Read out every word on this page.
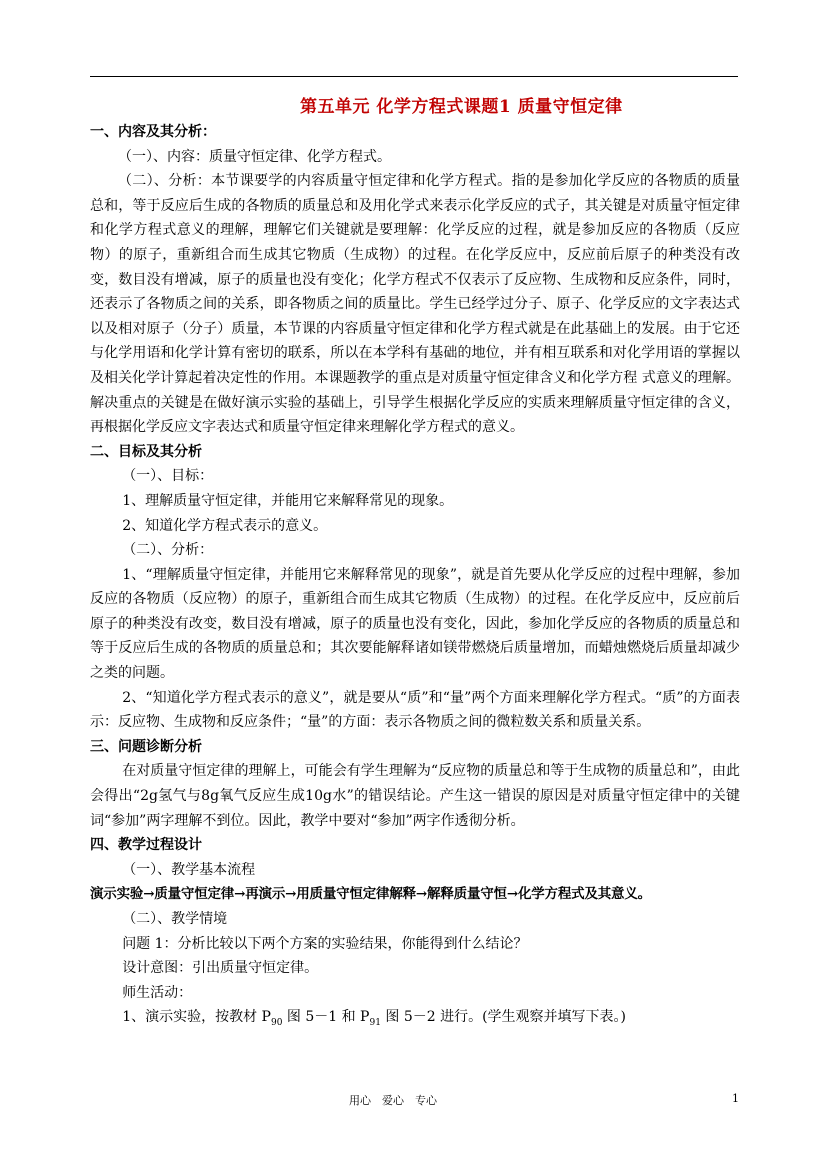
第五单元 化学方程式课题1 质量守恒定律

一、内容及其分析：

（一）、内容：质量守恒定律、化学方程式。

（二）、分析：本节课要学的内容质量守恒定律和化学方程式。指的是参加化学反应的各物质的质量总和，等于反应后生成的各物质的质量总和及用化学式来表示化学反应的式子，其关键是对质量守恒定律和化学方程式意义的理解，理解它们关键就是要理解：化学反应的过程，就是参加反应的各物质（反应物）的原子，重新组合而生成其它物质（生成物）的过程。在化学反应中，反应前后原子的种类没有改变，数目没有增减，原子的质量也没有变化；化学方程式不仅表示了反应物、生成物和反应条件，同时，还表示了各物质之间的关系，即各物质之间的质量比。学生已经学过分子、原子、化学反应的文字表达式以及相对原子（分子）质量，本节课的内容质量守恒定律和化学方程式就是在此基础上的发展。由于它还与化学用语和化学计算有密切的联系，所以在本学科有基础的地位，并有相互联系和对化学用语的掌握以及相关化学计算起着决定性的作用。本课题教学的重点是对质量守恒定律含义和化学方程 式意义的理解。解决重点的关键是在做好演示实验的基础上，引导学生根据化学反应的实质来理解质量守恒定律的含义，再根据化学反应文字表达式和质量守恒定律来理解化学方程式的意义。

二、目标及其分析

（一）、目标：

1、理解质量守恒定律，并能用它来解释常见的现象。

2、知道化学方程式表示的意义。

（二）、分析：

1、“理解质量守恒定律，并能用它来解释常见的现象”，就是首先要从化学反应的过程中理解，参加反应的各物质（反应物）的原子，重新组合而生成其它物质（生成物）的过程。在化学反应中，反应前后原子的种类没有改变，数目没有增减，原子的质量也没有变化，因此，参加化学反应的各物质的质量总和等于反应后生成的各物质的质量总和；其次要能解释诸如镁带燃烧后质量增加，而蜡烛燃烧后质量却减少之类的问题。

2、“知道化学方程式表示的意义”，就是要从“质”和“量”两个方面来理解化学方程式。“质”的方面表示：反应物、生成物和反应条件；“量”的方面：表示各物质之间的微粒数关系和质量关系。

三、问题诊断分析

在对质量守恒定律的理解上，可能会有学生理解为“反应物的质量总和等于生成物的质量总和”，由此会得出“2g氢气与8g氧气反应生成10g水”的错误结论。产生这一错误的原因是对质量守恒定律中的关键词“参加”两字理解不到位。因此，教学中要对“参加”两字作透彻分析。

四、教学过程设计

（一）、教学基本流程

演示实验→质量守恒定律→再演示→用质量守恒定律解释→解释质量守恒→化学方程式及其意义。

（二）、教学情境

问题 1：分析比较以下两个方案的实验结果，你能得到什么结论？

设计意图：引出质量守恒定律。

师生活动：

1、演示实验，按教材 $P_{90}$ 图 5－1 和 $P_{91}$ 图 5－2 进行。(学生观察并填写下表。)

用心　爱心　专心	1
